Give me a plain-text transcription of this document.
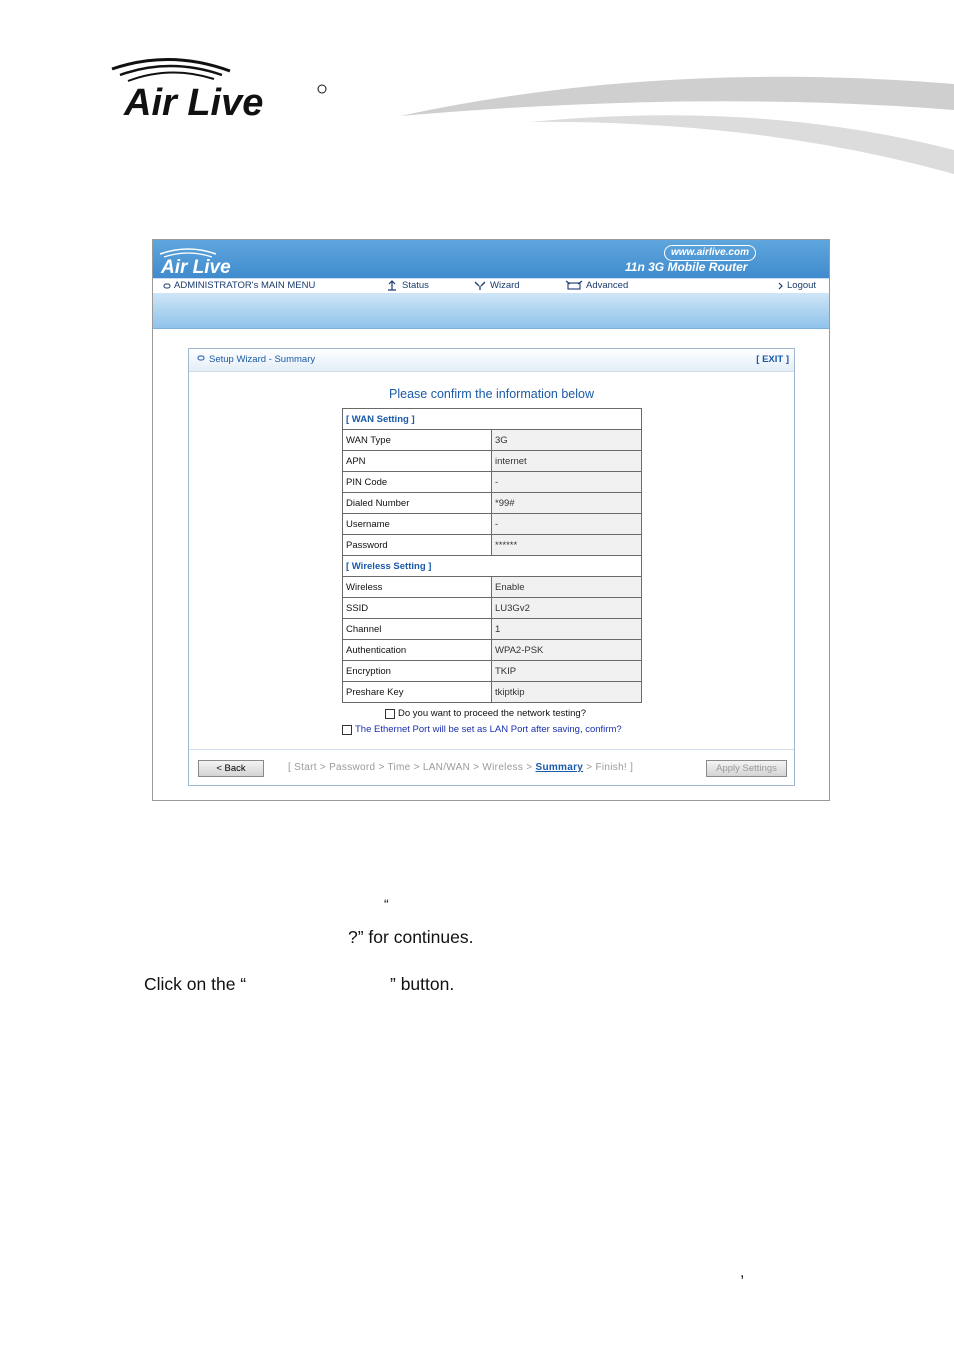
Air Live
Air Live
www.airlive.com
11n 3G Mobile Router
ADMINISTRATOR's MAIN MENU	Status	Wizard	Advanced	Logout
Setup Wizard - Summary	[ EXIT ]
Please confirm the information below
[ WAN Setting ]	
WAN Type	3G
APN	internet
PIN Code	-
Dialed Number	*99#
Username	-
Password	******
[ Wireless Setting ]	
Wireless	Enable
SSID	LU3Gv2
Channel	1
Authentication	WPA2-PSK
Encryption	TKIP
Preshare Key	tkiptkip
Do you want to proceed the network testing?
The Ethernet Port will be set as LAN Port after saving, confirm?
< Back	[ Start > Password > Time > LAN/WAN > Wireless > Summary > Finish! ]	Apply Settings
“
?” for continues.
Click on the “	” button.
,
